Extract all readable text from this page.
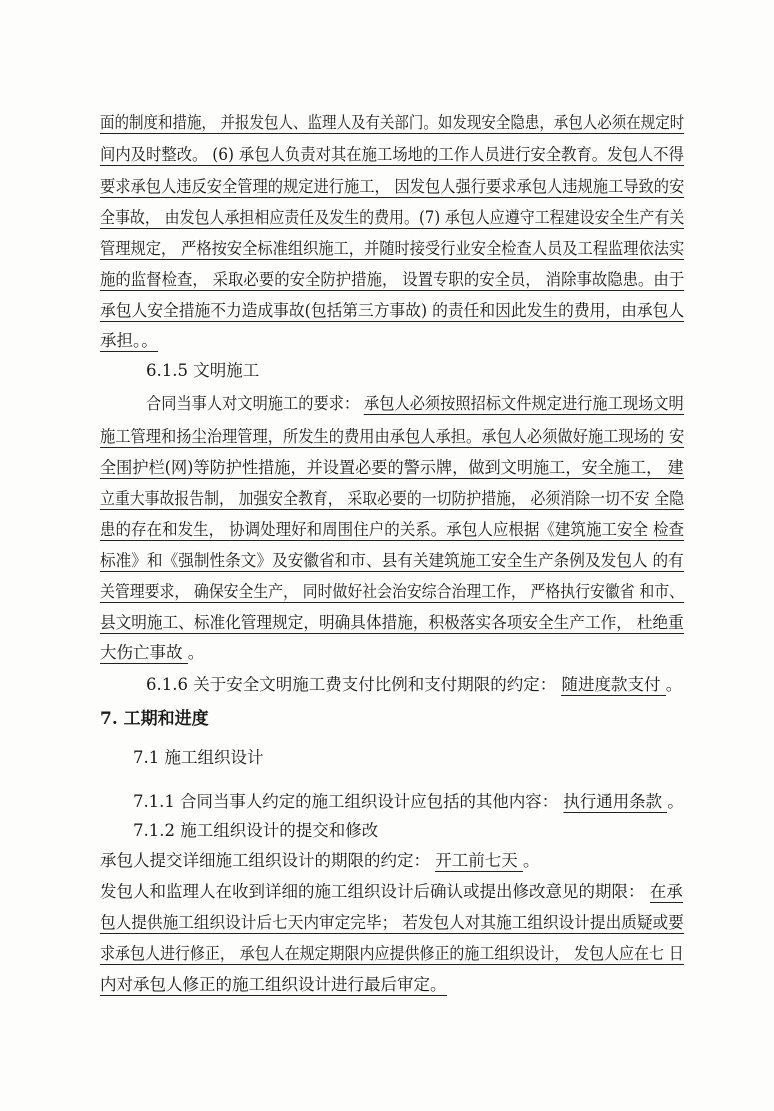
面的制度和措施， 并报发包人、监理人及有关部门。如发现安全隐患，承包人必须在规定时
间内及时整改。 (6) 承包人负责对其在施工场地的工作人员进行安全教育。发包人不得
要求承包人违反安全管理的规定进行施工， 因发包人强行要求承包人违规施工导致的安
全事故， 由发包人承担相应责任及发生的费用。(7) 承包人应遵守工程建设安全生产有关
管理规定， 严格按安全标准组织施工，并随时接受行业安全检查人员及工程监理依法实
施的监督检查， 采取必要的安全防护措施， 设置专职的安全员， 消除事故隐患。由于
承包人安全措施不力造成事故(包括第三方事故) 的责任和因此发生的费用，由承包人
承担。。
6.1.5 文明施工
合同当事人对文明施工的要求： 承包人必须按照招标文件规定进行施工现场文明
施工管理和扬尘治理管理，所发生的费用由承包人承担。承包人必须做好施工现场的 安
全围护栏(网)等防护性措施，并设置必要的警示牌，做到文明施工，安全施工， 建
立重大事故报告制， 加强安全教育， 采取必要的一切防护措施， 必须消除一切不安 全隐
患的存在和发生， 协调处理好和周围住户的关系。承包人应根据《建筑施工安全 检查
标准》和《强制性条文》及安徽省和市、县有关建筑施工安全生产条例及发包人 的有
关管理要求， 确保安全生产， 同时做好社会治安综合治理工作， 严格执行安徽省 和市、
县文明施工、标准化管理规定，明确具体措施，积极落实各项安全生产工作， 杜绝重
大伤亡事故 。
6.1.6 关于安全文明施工费支付比例和支付期限的约定： 随进度款支付 。
7. 工期和进度
7.1 施工组织设计
7.1.1 合同当事人约定的施工组织设计应包括的其他内容： 执行通用条款 。
7.1.2 施工组织设计的提交和修改
承包人提交详细施工组织设计的期限的约定： 开工前七天 。
发包人和监理人在收到详细的施工组织设计后确认或提出修改意见的期限： 在承
包人提供施工组织设计后七天内审定完毕； 若发包人对其施工组织设计提出质疑或要
求承包人进行修正， 承包人在规定期限内应提供修正的施工组织设计， 发包人应在七 日
内对承包人修正的施工组织设计进行最后审定。
